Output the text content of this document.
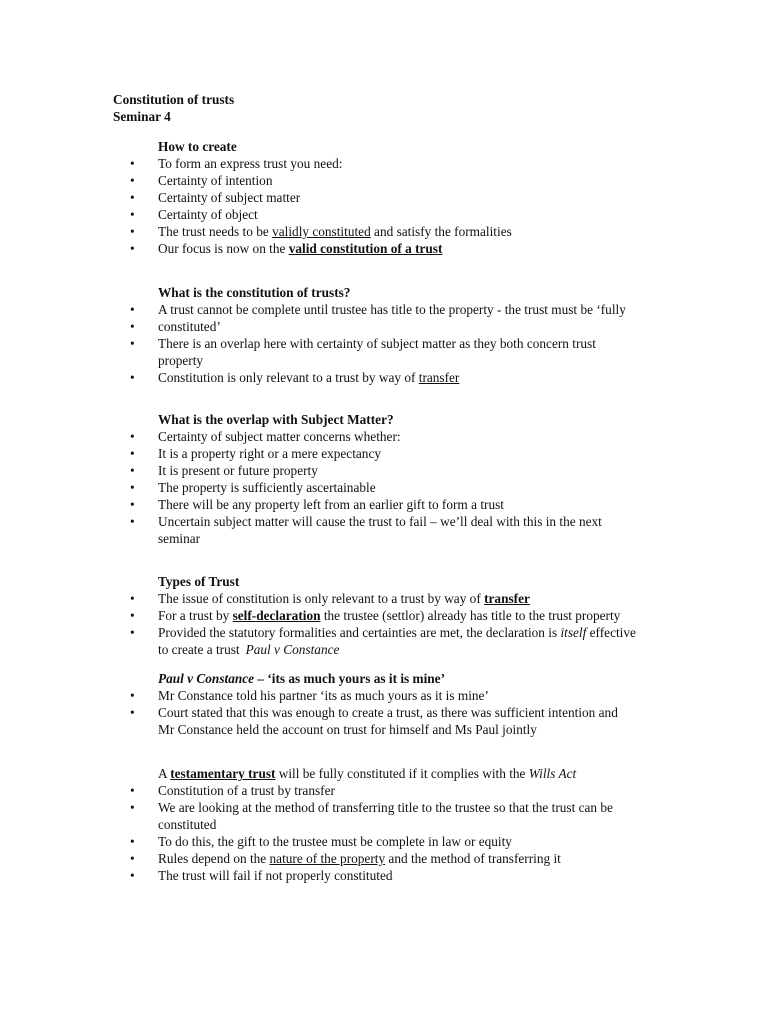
Constitution of trusts
Seminar 4
How to create
• To form an express trust you need:
• Certainty of intention
• Certainty of subject matter
• Certainty of object
• The trust needs to be validly constituted and satisfy the formalities
• Our focus is now on the valid constitution of a trust
What is the constitution of trusts?
• A trust cannot be complete until trustee has title to the property - the trust must be ‘fully
• constituted’
• There is an overlap here with certainty of subject matter as they both concern trust
property
• Constitution is only relevant to a trust by way of transfer
What is the overlap with Subject Matter?
• Certainty of subject matter concerns whether:
• It is a property right or a mere expectancy
• It is present or future property
• The property is sufficiently ascertainable
• There will be any property left from an earlier gift to form a trust
• Uncertain subject matter will cause the trust to fail – we’ll deal with this in the next
seminar
Types of Trust
• The issue of constitution is only relevant to a trust by way of transfer
• For a trust by self-declaration the trustee (settlor) already has title to the trust property
• Provided the statutory formalities and certainties are met, the declaration is itself effective
to create a trust Paul v Constance
Paul v Constance – ‘its as much yours as it is mine’
• Mr Constance told his partner ‘its as much yours as it is mine’
• Court stated that this was enough to create a trust, as there was sufficient intention and
Mr Constance held the account on trust for himself and Ms Paul jointly
A testamentary trust will be fully constituted if it complies with the Wills Act
• Constitution of a trust by transfer
• We are looking at the method of transferring title to the trustee so that the trust can be
constituted
• To do this, the gift to the trustee must be complete in law or equity
• Rules depend on the nature of the property and the method of transferring it
• The trust will fail if not properly constituted
